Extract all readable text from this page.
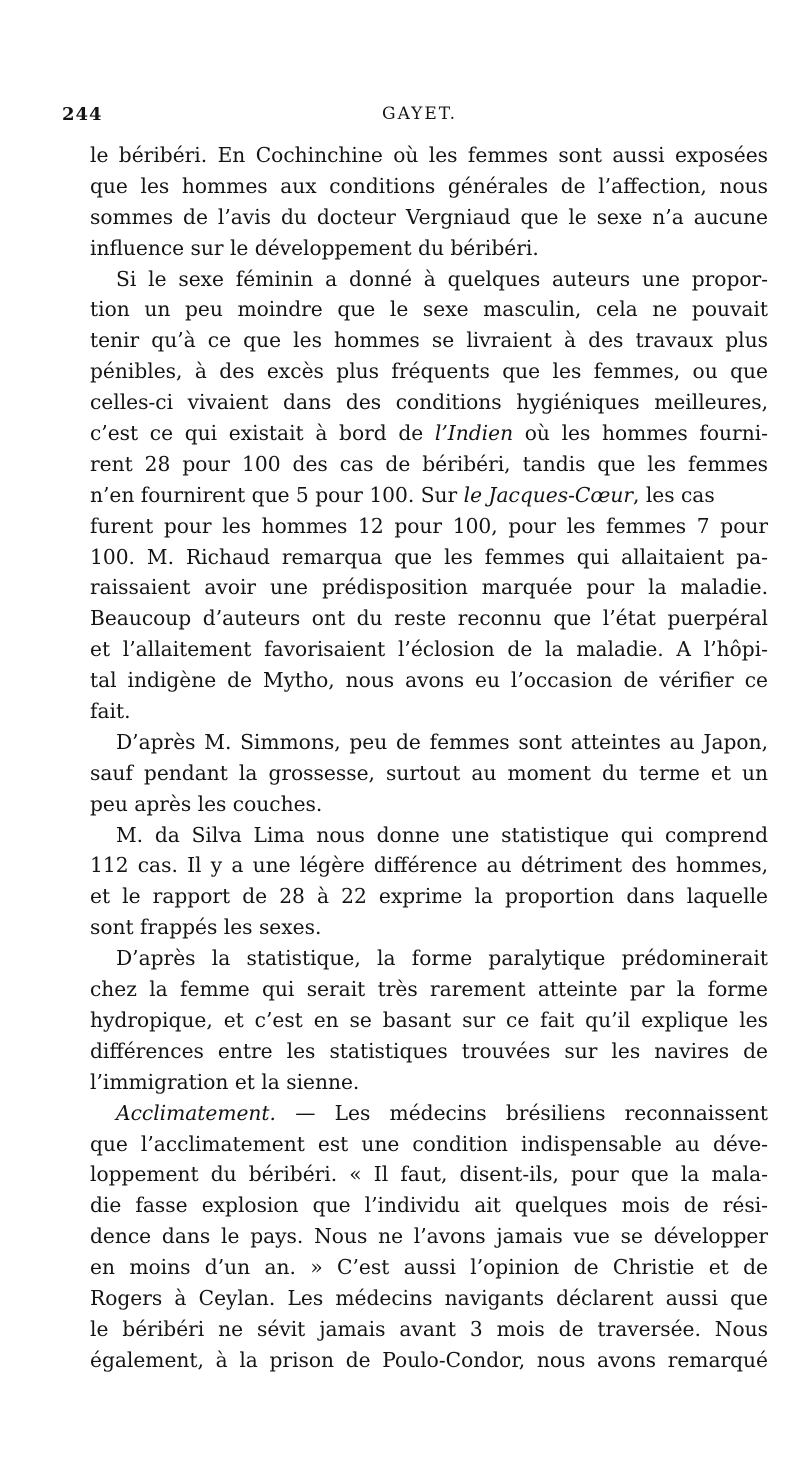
244	GAYET.
le béribéri. En Cochinchine où les femmes sont aussi exposées
que les hommes aux conditions générales de l’affection, nous
sommes de l’avis du docteur Vergniaud que le sexe n’a aucune
influence sur le développement du béribéri.
Si le sexe féminin a donné à quelques auteurs une propor-
tion un peu moindre que le sexe masculin, cela ne pouvait
tenir qu’à ce que les hommes se livraient à des travaux plus
pénibles, à des excès plus fréquents que les femmes, ou que
celles-ci vivaient dans des conditions hygiéniques meilleures,
c’est ce qui existait à bord de l’Indien où les hommes fourni-
rent 28 pour 100 des cas de béribéri, tandis que les femmes
n’en fournirent que 5 pour 100. Sur le Jacques-Cœur, les cas
furent pour les hommes 12 pour 100, pour les femmes 7 pour
100. M. Richaud remarqua que les femmes qui allaitaient pa-
raissaient avoir une prédisposition marquée pour la maladie.
Beaucoup d’auteurs ont du reste reconnu que l’état puerpéral
et l’allaitement favorisaient l’éclosion de la maladie. A l’hôpi-
tal indigène de Mytho, nous avons eu l’occasion de vérifier ce
fait.
D’après M. Simmons, peu de femmes sont atteintes au Japon,
sauf pendant la grossesse, surtout au moment du terme et un
peu après les couches.
M. da Silva Lima nous donne une statistique qui comprend
112 cas. Il y a une légère différence au détriment des hommes,
et le rapport de 28 à 22 exprime la proportion dans laquelle
sont frappés les sexes.
D’après la statistique, la forme paralytique prédominerait
chez la femme qui serait très rarement atteinte par la forme
hydropique, et c’est en se basant sur ce fait qu’il explique les
différences entre les statistiques trouvées sur les navires de
l’immigration et la sienne.
Acclimatement. — Les médecins brésiliens reconnaissent
que l’acclimatement est une condition indispensable au déve-
loppement du béribéri. « Il faut, disent-ils, pour que la mala-
die fasse explosion que l’individu ait quelques mois de rési-
dence dans le pays. Nous ne l’avons jamais vue se développer
en moins d’un an. » C’est aussi l’opinion de Christie et de
Rogers à Ceylan. Les médecins navigants déclarent aussi que
le béribéri ne sévit jamais avant 3 mois de traversée. Nous
également, à la prison de Poulo-Condor, nous avons remarqué
